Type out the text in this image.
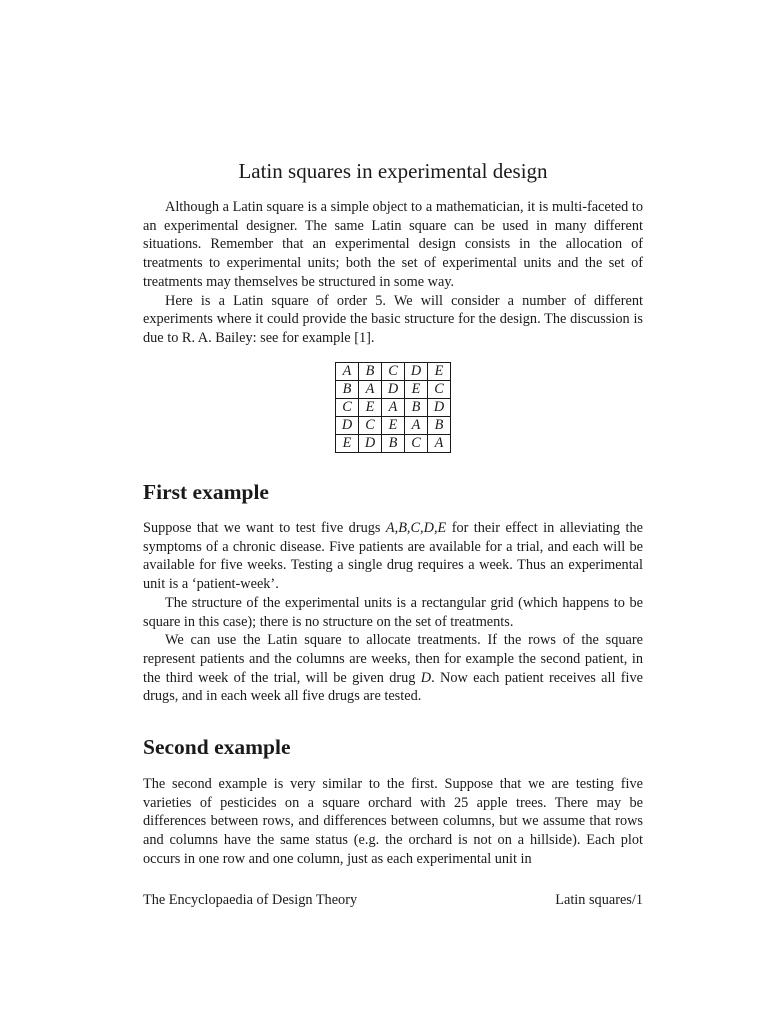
Latin squares in experimental design

Although a Latin square is a simple object to a mathematician, it is multi-faceted to an experimental designer. The same Latin square can be used in many different situations. Remember that an experimental design consists in the allocation of treatments to experimental units; both the set of experimental units and the set of treatments may themselves be structured in some way.

Here is a Latin square of order 5. We will consider a number of different experiments where it could provide the basic structure for the design. The discussion is due to R. A. Bailey: see for example [1].

A	B	C	D	E
B	A	D	E	C
C	E	A	B	D
D	C	E	A	B
E	D	B	C	A
First example

Suppose that we want to test five drugs A,B,C,D,E for their effect in alleviating the symptoms of a chronic disease. Five patients are available for a trial, and each will be available for five weeks. Testing a single drug requires a week. Thus an experimental unit is a ‘patient-week’.

The structure of the experimental units is a rectangular grid (which happens to be square in this case); there is no structure on the set of treatments.

We can use the Latin square to allocate treatments. If the rows of the square represent patients and the columns are weeks, then for example the second patient, in the third week of the trial, will be given drug D. Now each patient receives all five drugs, and in each week all five drugs are tested.

Second example

The second example is very similar to the first. Suppose that we are testing five varieties of pesticides on a square orchard with 25 apple trees. There may be differences between rows, and differences between columns, but we assume that rows and columns have the same status (e.g. the orchard is not on a hillside). Each plot occurs in one row and one column, just as each experimental unit in

The Encyclopaedia of Design Theory	Latin squares/1
